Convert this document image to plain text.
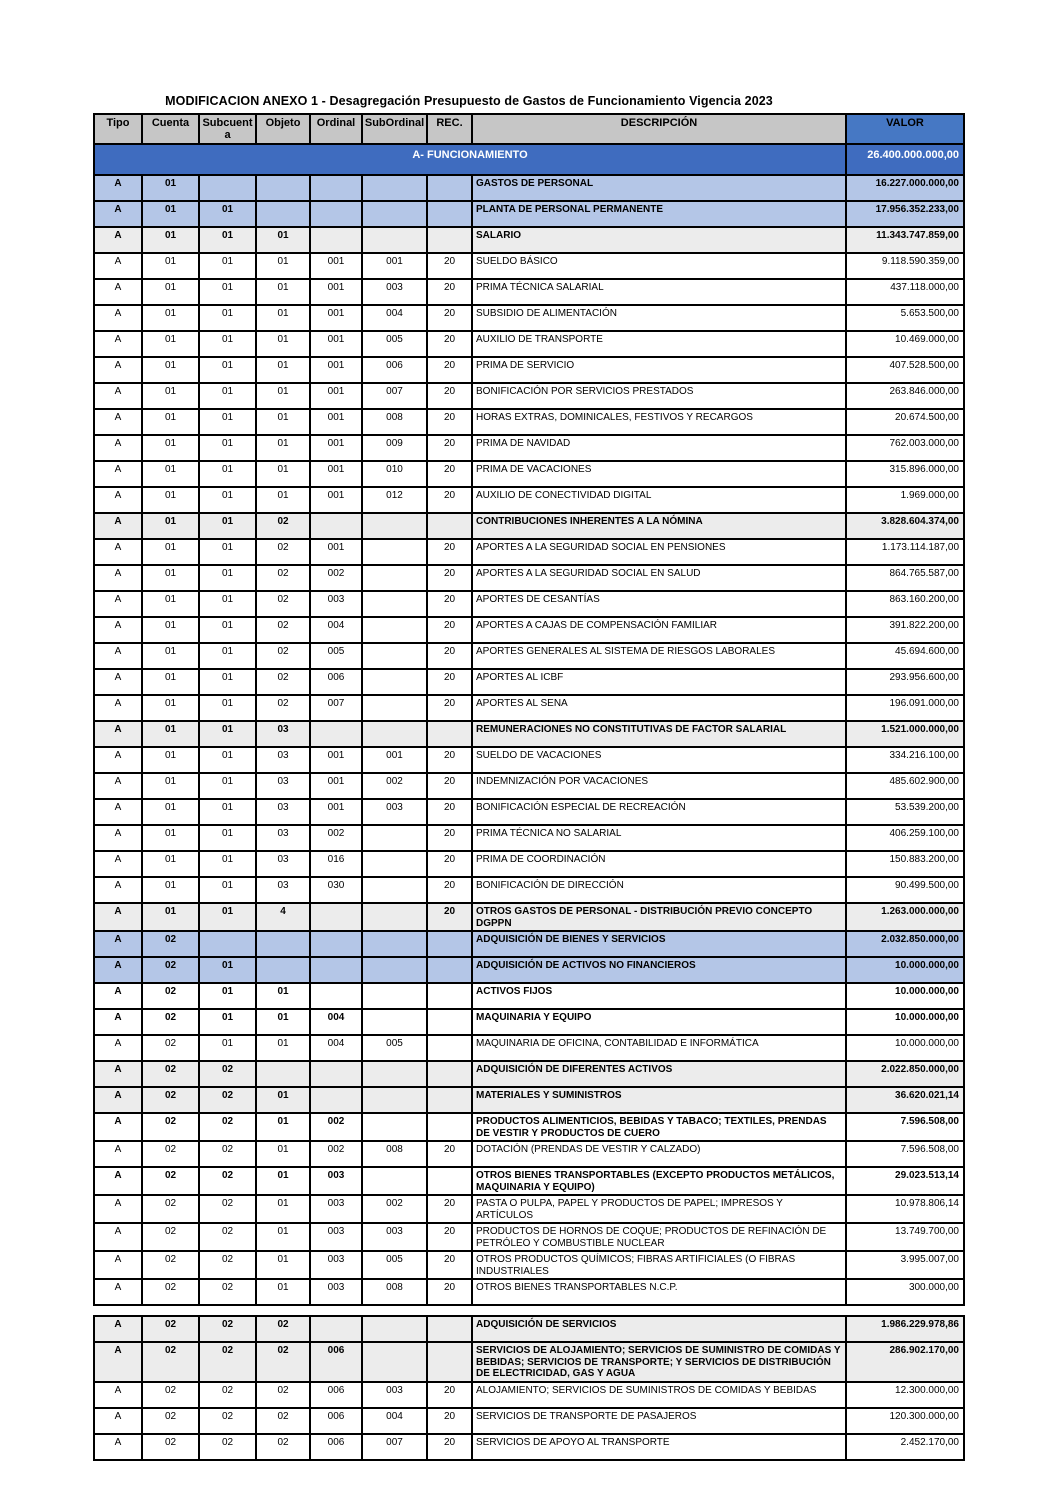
MODIFICACION ANEXO 1 - Desagregación Presupuesto de Gastos de Funcionamiento Vigencia 2023
Tipo	Cuenta	Subcuenta	Objeto	Ordinal	SubOrdinal	REC.	DESCRIPCIÓN	VALOR
A- FUNCIONAMIENTO								26.400.000.000,00
A	01						GASTOS DE PERSONAL	16.227.000.000,00
A	01	01					PLANTA DE PERSONAL PERMANENTE	17.956.352.233,00
A	01	01	01				SALARIO	11.343.747.859,00
A	01	01	01	001	001	20	SUELDO BÁSICO	9.118.590.359,00
A	01	01	01	001	003	20	PRIMA TÉCNICA SALARIAL	437.118.000,00
A	01	01	01	001	004	20	SUBSIDIO DE ALIMENTACIÓN	5.653.500,00
A	01	01	01	001	005	20	AUXILIO DE TRANSPORTE	10.469.000,00
A	01	01	01	001	006	20	PRIMA DE SERVICIO	407.528.500,00
A	01	01	01	001	007	20	BONIFICACIÓN POR SERVICIOS PRESTADOS	263.846.000,00
A	01	01	01	001	008	20	HORAS EXTRAS, DOMINICALES, FESTIVOS Y RECARGOS	20.674.500,00
A	01	01	01	001	009	20	PRIMA DE NAVIDAD	762.003.000,00
A	01	01	01	001	010	20	PRIMA DE VACACIONES	315.896.000,00
A	01	01	01	001	012	20	AUXILIO DE CONECTIVIDAD DIGITAL	1.969.000,00
A	01	01	02				CONTRIBUCIONES INHERENTES A LA NÓMINA	3.828.604.374,00
A	01	01	02	001		20	APORTES A LA SEGURIDAD SOCIAL EN PENSIONES	1.173.114.187,00
A	01	01	02	002		20	APORTES A LA SEGURIDAD SOCIAL EN SALUD	864.765.587,00
A	01	01	02	003		20	APORTES DE CESANTÍAS	863.160.200,00
A	01	01	02	004		20	APORTES A CAJAS DE COMPENSACIÓN FAMILIAR	391.822.200,00
A	01	01	02	005		20	APORTES GENERALES AL SISTEMA DE RIESGOS LABORALES	45.694.600,00
A	01	01	02	006		20	APORTES AL ICBF	293.956.600,00
A	01	01	02	007		20	APORTES AL SENA	196.091.000,00
A	01	01	03				REMUNERACIONES NO CONSTITUTIVAS DE FACTOR SALARIAL	1.521.000.000,00
A	01	01	03	001	001	20	SUELDO DE VACACIONES	334.216.100,00
A	01	01	03	001	002	20	INDEMNIZACIÓN POR VACACIONES	485.602.900,00
A	01	01	03	001	003	20	BONIFICACIÓN ESPECIAL DE RECREACIÓN	53.539.200,00
A	01	01	03	002		20	PRIMA TÉCNICA NO SALARIAL	406.259.100,00
A	01	01	03	016		20	PRIMA DE COORDINACIÓN	150.883.200,00
A	01	01	03	030		20	BONIFICACIÓN DE DIRECCIÓN	90.499.500,00
A	01	01	4			20	OTROS GASTOS DE PERSONAL - DISTRIBUCIÓN PREVIO CONCEPTO DGPPN	1.263.000.000,00
A	02						ADQUISICIÓN DE BIENES Y SERVICIOS	2.032.850.000,00
A	02	01					ADQUISICIÓN DE ACTIVOS NO FINANCIEROS	10.000.000,00
A	02	01	01				ACTIVOS FIJOS	10.000.000,00
A	02	01	01	004			MAQUINARIA Y EQUIPO	10.000.000,00
A	02	01	01	004	005		MAQUINARIA DE OFICINA, CONTABILIDAD E INFORMÁTICA	10.000.000,00
A	02	02					ADQUISICIÓN DE DIFERENTES ACTIVOS	2.022.850.000,00
A	02	02	01				MATERIALES Y SUMINISTROS	36.620.021,14
A	02	02	01	002			PRODUCTOS ALIMENTICIOS, BEBIDAS Y TABACO; TEXTILES, PRENDAS DE VESTIR Y PRODUCTOS DE CUERO	7.596.508,00
A	02	02	01	002	008	20	DOTACIÓN (PRENDAS DE VESTIR Y CALZADO)	7.596.508,00
A	02	02	01	003			OTROS BIENES TRANSPORTABLES (EXCEPTO PRODUCTOS METÁLICOS, MAQUINARIA Y EQUIPO)	29.023.513,14
A	02	02	01	003	002	20	PASTA O PULPA, PAPEL Y PRODUCTOS DE PAPEL; IMPRESOS Y ARTÍCULOS	10.978.806,14
A	02	02	01	003	003	20	PRODUCTOS DE HORNOS DE COQUE; PRODUCTOS DE REFINACIÓN DE PETRÓLEO Y COMBUSTIBLE NUCLEAR	13.749.700,00
A	02	02	01	003	005	20	OTROS PRODUCTOS QUÍMICOS; FIBRAS ARTIFICIALES (O FIBRAS INDUSTRIALES	3.995.007,00
A	02	02	01	003	008	20	OTROS BIENES TRANSPORTABLES N.C.P.	300.000,00

A	02	02	02				ADQUISICIÓN DE SERVICIOS	1.986.229.978,86
A	02	02	02	006			SERVICIOS DE ALOJAMIENTO; SERVICIOS DE SUMINISTRO DE COMIDAS Y BEBIDAS; SERVICIOS DE TRANSPORTE; Y SERVICIOS DE DISTRIBUCIÓN DE ELECTRICIDAD, GAS Y AGUA	286.902.170,00
A	02	02	02	006	003	20	ALOJAMIENTO; SERVICIOS DE SUMINISTROS DE COMIDAS Y BEBIDAS	12.300.000,00
A	02	02	02	006	004	20	SERVICIOS DE TRANSPORTE DE PASAJEROS	120.300.000,00
A	02	02	02	006	007	20	SERVICIOS DE APOYO AL TRANSPORTE	2.452.170,00
